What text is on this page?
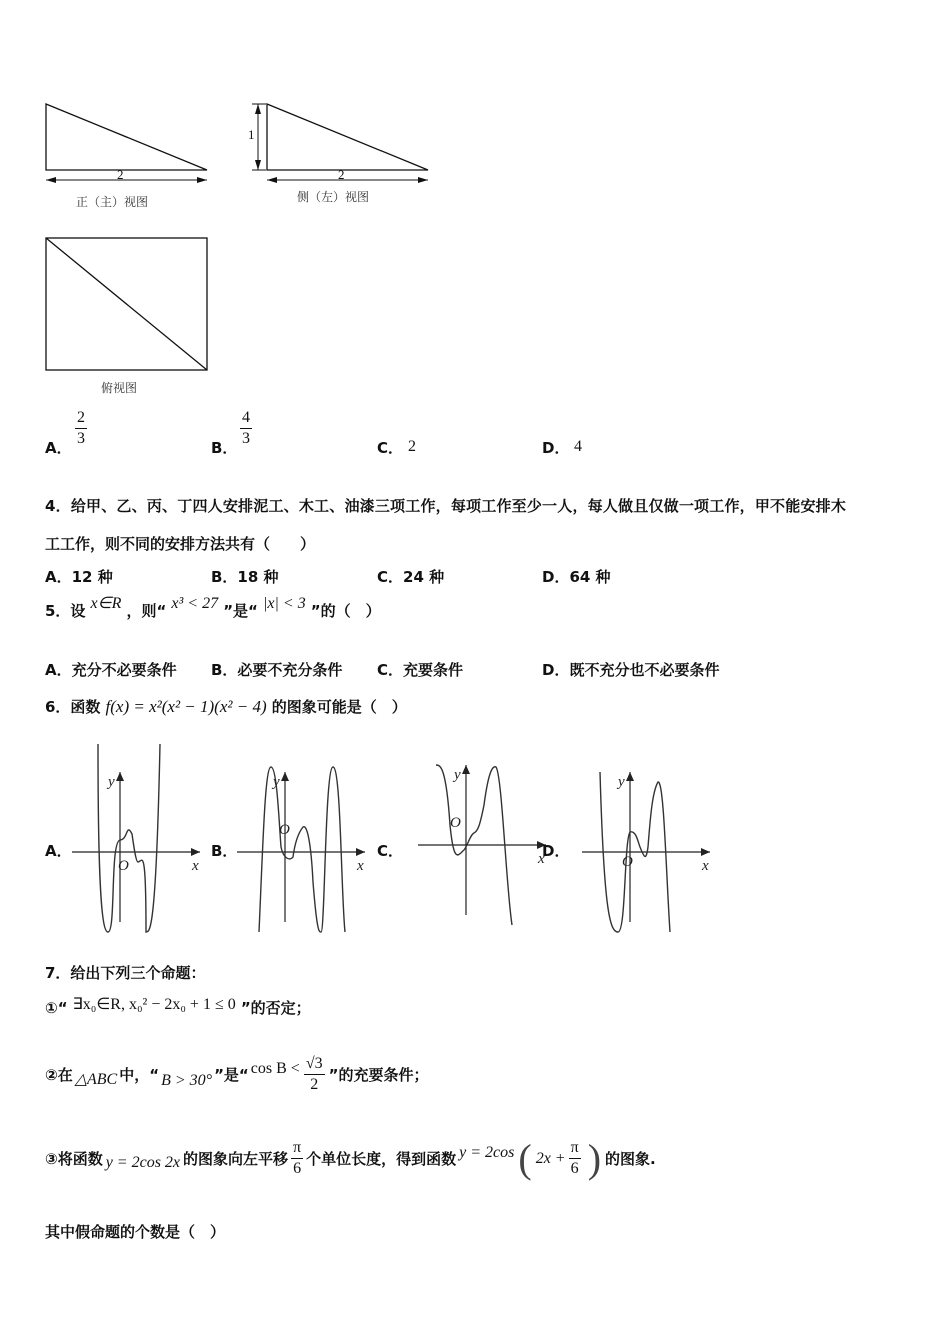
2	2
1
正（主）视图	侧（左）视图
俯视图
A． $\frac{2}{3}$	B． $\frac{4}{3}$	C． 2	D． 4
4．给甲、乙、丙、丁四人安排泥工、木工、油漆三项工作，每项工作至少一人，每人做且仅做一项工作，甲不能安排木
工工作，则不同的安排方法共有（　　）
A．12 种	B．18 种	C．24 种	D．64 种
5．设 x∈R ，则“ x³ < 27 ”是“ |x| < 3 ”的（　）
A．充分不必要条件 B．必要不充分条件 C．充要条件	D．既不充分也不必要条件
6．函数 f(x) = x²(x² − 1)(x² − 4) 的图象可能是（　）
x
y
O	x
y
O
x
y
O
x
y
O
A．	B．	C．	D．
7．给出下列三个命题：
①“ ∃x₀∈R, x₀² − 2x₀ + 1 ≤ 0 ”的否定；
②在 △ABC 中，“ B > 30° ”是“ $\cos B < \frac{√3}{2}$ ”的充要条件；
③将函数 y = 2cos 2x 的图象向左平移 $\frac{\pi}{6}$ 个单位长度，得到函数 y = 2cos ( $2x + \frac{\pi}{6}$ ) 的图象.
其中假命题的个数是（　）
